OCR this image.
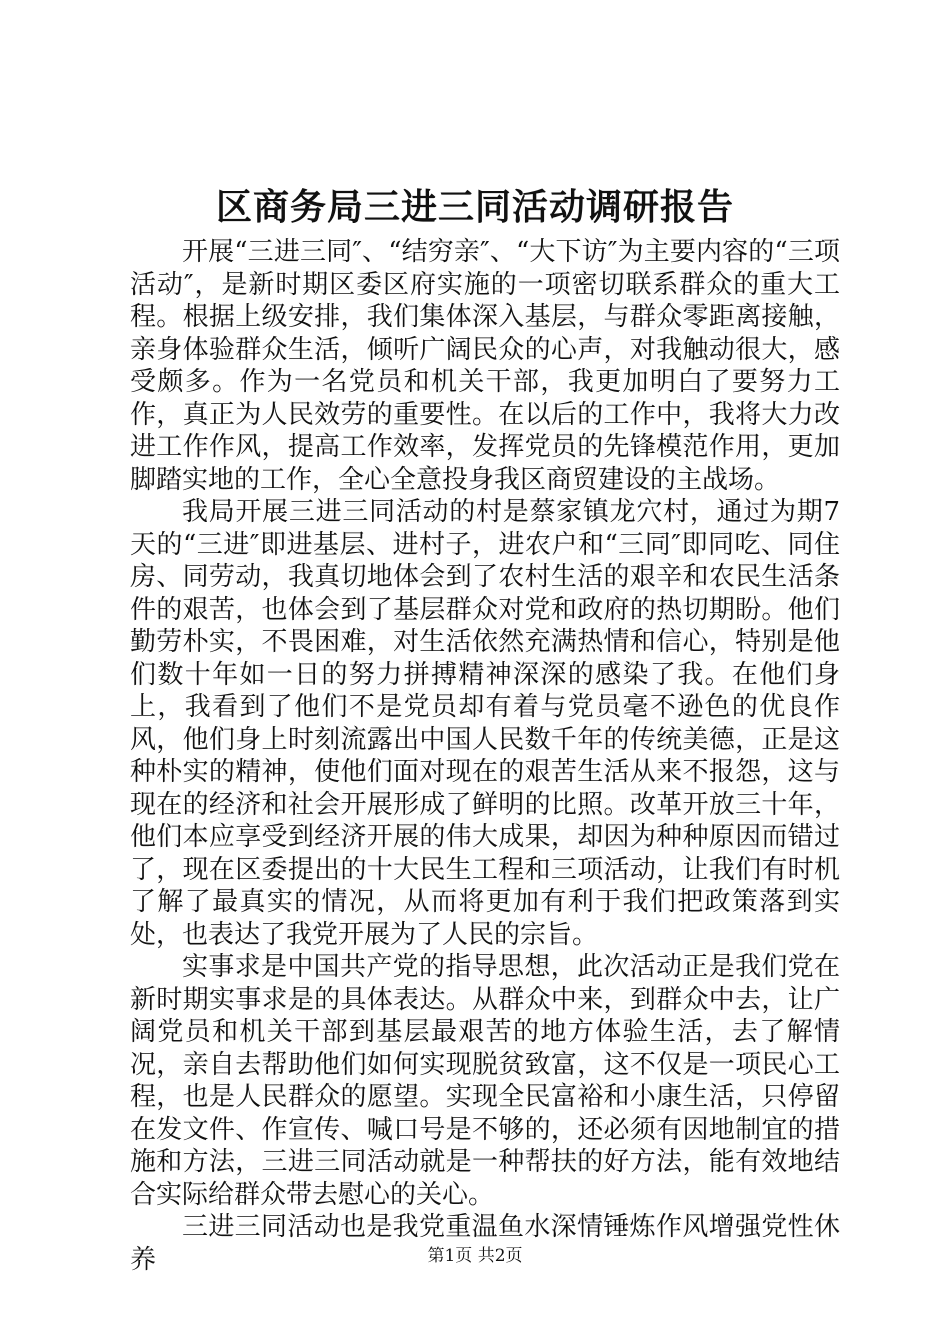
区商务局三进三同活动调研报告

开展“三进三同″、“结穷亲″、“大下访″为主要内容的“三项活动″，是新时期区委区府实施的一项密切联系群众的重大工程。根据上级安排，我们集体深入基层，与群众零距离接触，亲身体验群众生活，倾听广阔民众的心声，对我触动很大，感受颇多。作为一名党员和机关干部，我更加明白了要努力工作，真正为人民效劳的重要性。在以后的工作中，我将大力改进工作作风，提高工作效率，发挥党员的先锋模范作用，更加脚踏实地的工作，全心全意投身我区商贸建设的主战场。

我局开展三进三同活动的村是蔡家镇龙穴村，通过为期7天的“三进″即进基层、进村子，进农户和“三同″即同吃、同住房、同劳动，我真切地体会到了农村生活的艰辛和农民生活条件的艰苦，也体会到了基层群众对党和政府的热切期盼。他们勤劳朴实，不畏困难，对生活依然充满热情和信心，特别是他们数十年如一日的努力拼搏精神深深的感染了我。在他们身上，我看到了他们不是党员却有着与党员毫不逊色的优良作风，他们身上时刻流露出中国人民数千年的传统美德，正是这种朴实的精神，使他们面对现在的艰苦生活从来不报怨，这与现在的经济和社会开展形成了鲜明的比照。改革开放三十年，他们本应享受到经济开展的伟大成果，却因为种种原因而错过了，现在区委提出的十大民生工程和三项活动，让我们有时机了解了最真实的情况，从而将更加有利于我们把政策落到实处，也表达了我党开展为了人民的宗旨。

实事求是中国共产党的指导思想，此次活动正是我们党在新时期实事求是的具体表达。从群众中来，到群众中去，让广阔党员和机关干部到基层最艰苦的地方体验生活，去了解情况，亲自去帮助他们如何实现脱贫致富，这不仅是一项民心工程，也是人民群众的愿望。实现全民富裕和小康生活，只停留在发文件、作宣传、喊口号是不够的，还必须有因地制宜的措施和方法，三进三同活动就是一种帮扶的好方法，能有效地结合实际给群众带去慰心的关心。

三进三同活动也是我党重温鱼水深情锤炼作风增强党性休养	第1页 共2页
